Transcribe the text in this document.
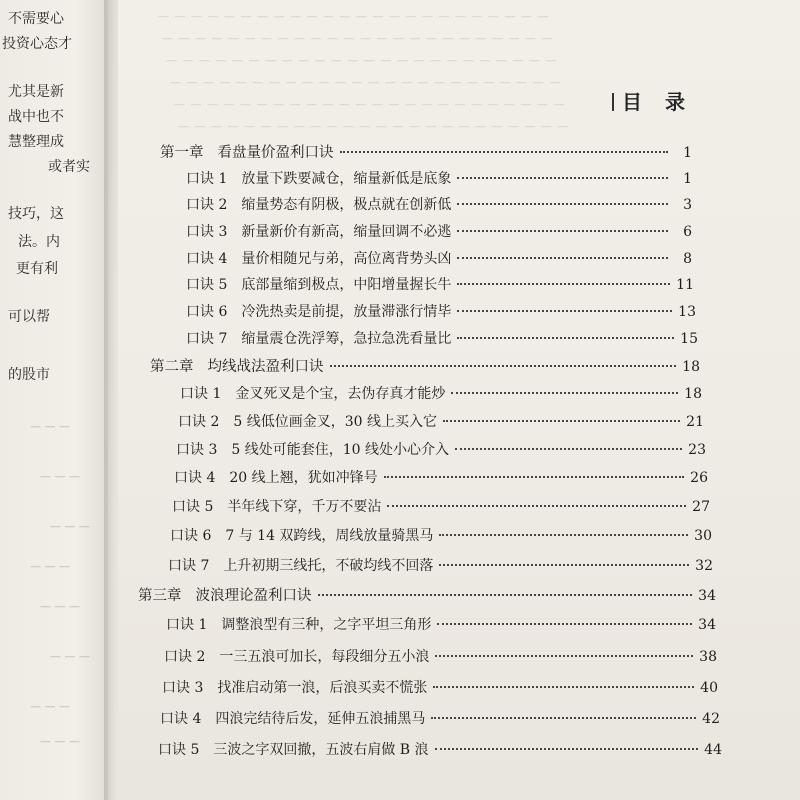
不需要心
投资心态才
尤其是新
战中也不
慧整理成
或者实
技巧，这
法。内
更有利
可以帮
的股市
— — —
— — —
— — —
— — —
— — —
— — —
— — —
— — —
— — — — — — — — — — — — — — — — — — — — — — — —
— — — — — — — — — — — — — — — — — — — — — — — —
— — — — — — — — — — — — — — — — — — — — — — — —
— — — — — — — — — — — — — — — — — — — — — — — —
— — — — — — — — — — — — — — — — — — — — — — — —
— — — — — — — — — — — — — — — — — — — — — — — —
目 录
第一章 看盘量价盈利口诀	1
口诀 1 放量下跌要减仓，缩量新低是底象	1
口诀 2 缩量势态有阴极，极点就在创新低	3
口诀 3 新量新价有新高，缩量回调不必逃	6
口诀 4 量价相随兄与弟，高位离背势头凶	8
口诀 5 底部量缩到极点，中阳增量握长牛	11
口诀 6 冷洗热卖是前提，放量滞涨行情毕	13
口诀 7 缩量震仓洗浮筹，急拉急洗看量比	15
第二章 均线战法盈利口诀	18
口诀 1 金叉死叉是个宝，去伪存真才能炒	18
口诀 2 5 线低位画金叉，30 线上买入它	21
口诀 3 5 线处可能套住，10 线处小心介入	23
口诀 4 20 线上翘，犹如冲锋号	26
口诀 5 半年线下穿，千万不要沾	27
口诀 6 7 与 14 双跨线，周线放量骑黑马	30
口诀 7 上升初期三线托，不破均线不回落	32
第三章 波浪理论盈利口诀	34
口诀 1 调整浪型有三种，之字平坦三角形	34
口诀 2 一三五浪可加长，每段细分五小浪	38
口诀 3 找准启动第一浪，后浪买卖不慌张	40
口诀 4 四浪完结待后发，延伸五浪捕黑马	42
口诀 5 三波之字双回撤，五波右肩做 B 浪	44
